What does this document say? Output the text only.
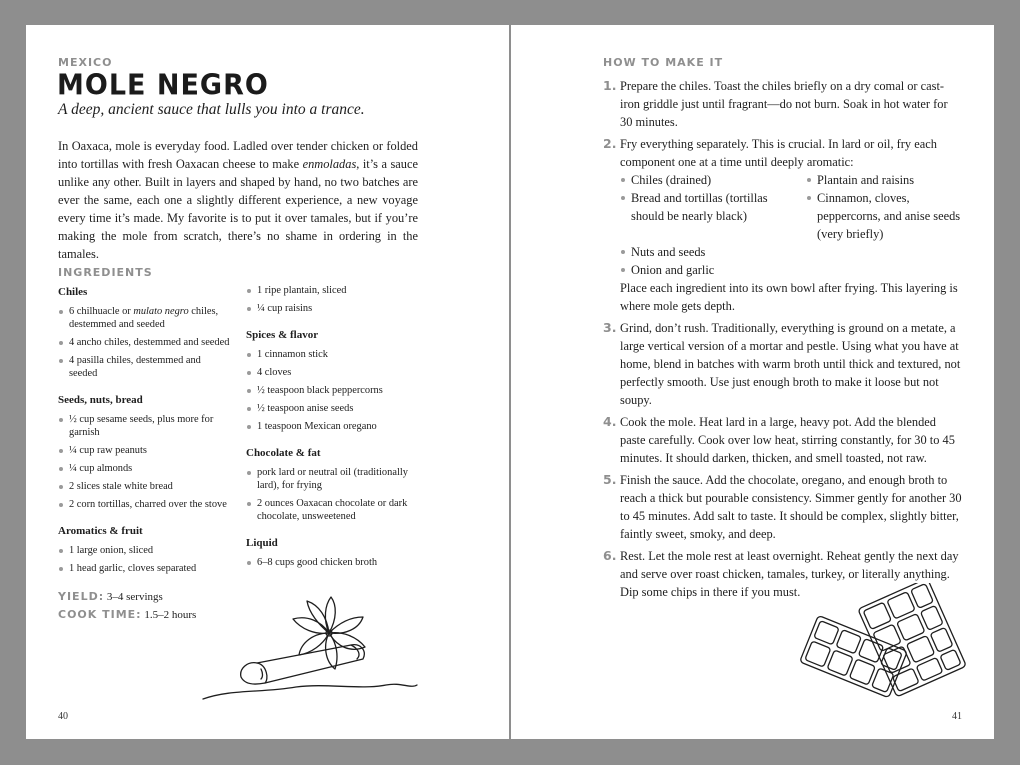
MEXICO
MOLE NEGRO
A deep, ancient sauce that lulls you into a trance.

In Oaxaca, mole is everyday food. Ladled over tender chicken or folded into tortillas with fresh Oaxacan cheese to make enmoladas, it’s a sauce unlike any other. Built in layers and shaped by hand, no two batches are ever the same, each one a slightly different experience, a new voyage every time it’s made. My favorite is to put it over tamales, but if you’re making the mole from scratch, there’s no shame in ordering in the tamales.

INGREDIENTS
Chiles
6 chilhuacle or mulato negro chiles, destemmed and seeded
4 ancho chiles, destemmed and seeded
4 pasilla chiles, destemmed and seeded
Seeds, nuts, bread
½ cup sesame seeds, plus more for garnish
¼ cup raw peanuts
¼ cup almonds
2 slices stale white bread
2 corn tortillas, charred over the stove
Aromatics & fruit
1 large onion, sliced
1 head garlic, cloves separated
1 ripe plantain, sliced
¼ cup raisins
Spices & flavor
1 cinnamon stick
4 cloves
½ teaspoon black peppercorns
½ teaspoon anise seeds
1 teaspoon Mexican oregano
Chocolate & fat
pork lard or neutral oil (traditionally lard), for frying
2 ounces Oaxacan chocolate or dark chocolate, unsweetened
Liquid
6–8 cups good chicken broth
YIELD: 3–4 servings
COOK TIME: 1.5–2 hours
40
HOW TO MAKE IT
1. Prepare the chiles. Toast the chiles briefly on a dry comal or cast-iron griddle just until fragrant—do not burn. Soak in hot water for 30 minutes.
2. Fry everything separately. This is crucial. In lard or oil, fry each component one at a time until deeply aromatic:
Chiles (drained)	Plantain and raisins
Bread and tortillas (tortillas should be nearly black)
Cinnamon, cloves, peppercorns, and anise seeds (very briefly)
Nuts and seeds
Onion and garlic
Place each ingredient into its own bowl after frying. This layering is where mole gets depth.
3. Grind, don’t rush. Traditionally, everything is ground on a metate, a large vertical version of a mortar and pestle. Using what you have at home, blend in batches with warm broth until thick and textured, not perfectly smooth. Use just enough broth to make it loose but not soupy.
4. Cook the mole. Heat lard in a large, heavy pot. Add the blended paste carefully. Cook over low heat, stirring constantly, for 30 to 45 minutes. It should darken, thicken, and smell toasted, not raw.
5. Finish the sauce. Add the chocolate, oregano, and enough broth to reach a thick but pourable consistency. Simmer gently for another 30 to 45 minutes. Add salt to taste. It should be complex, slightly bitter, faintly sweet, smoky, and deep.
6. Rest. Let the mole rest at least overnight. Reheat gently the next day and serve over roast chicken, tamales, turkey, or literally anything. Dip some chips in there if you must.
41
